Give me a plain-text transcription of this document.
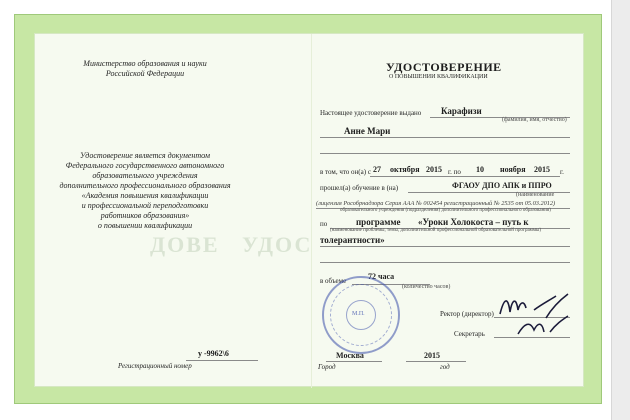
Министерство образования и науки
Российской Федерации
Удостоверение является документом
Федерального государственного автономного
образовательного учреждения
дополнительного профессионального образования
«Академия повышения квалификации
и профессиональной переподготовки
работников образования»
о повышении квалификации
ДОВЕ УДОС
у -9962\6
Регистрационный номер
УДОСТОВЕРЕНИЕ
О ПОВЫШЕНИИ КВАЛИФИКАЦИИ
Настоящее удостоверение выдано Карафизи
(фамилия, имя, отчество)
Анне Мари
в том, что он(а) с 27 октября 2015 г. по 10 ноября 2015 г.
прошел(а) обучение в (на)	ФГАОУ ДПО АПК и ППРО
(наименование
(лицензия Рособрнадзора Серия ААА № 002454 регистрационный № 2535 от 05.03.2012)
образовательного учреждения (подразделения) дополнительного профессионального образования)
по	программе «Уроки Холокоста – путь к
(наименование проблемы, темы, дополнительной профессиональной образовательной программы)
толерантности»
в объеме	72 часа
(количество часов)
М.П.	Ректор (директор)
Секретарь
Москва
Город
2015
год
